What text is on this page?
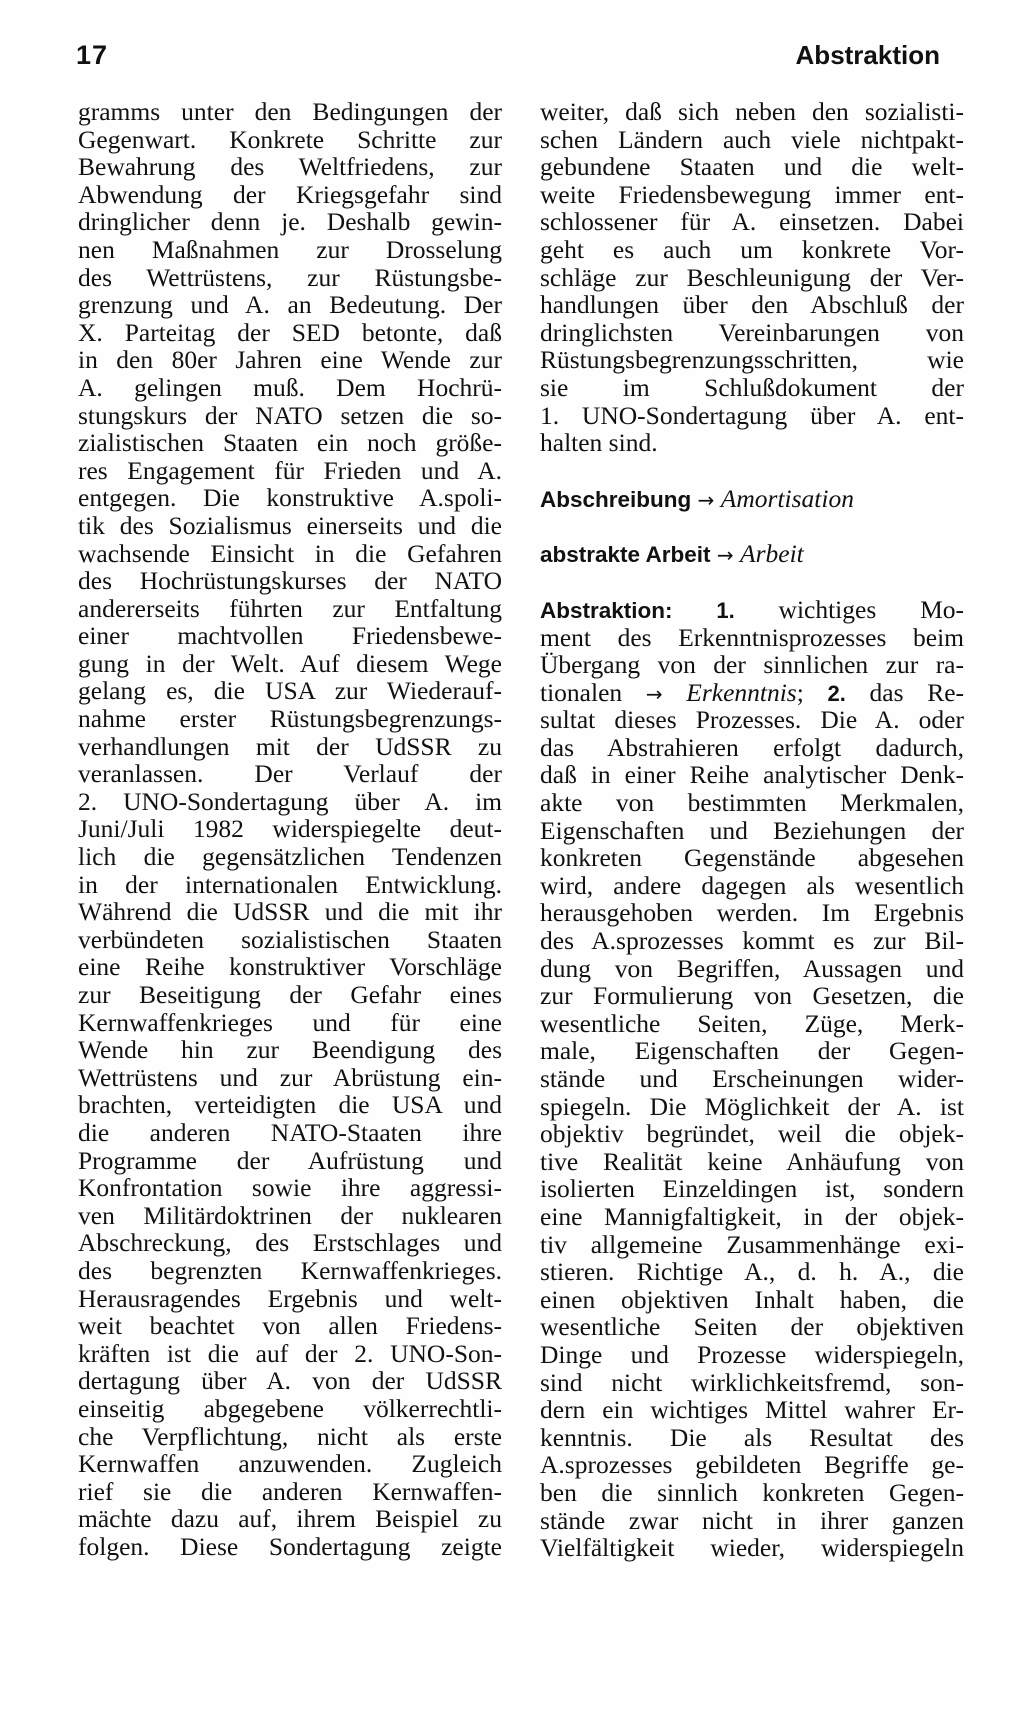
17	Abstraktion
gramms unter den Bedingungen der
Gegenwart. Konkrete Schritte zur
Bewahrung des Weltfriedens, zur
Abwendung der Kriegsgefahr sind
dringlicher denn je. Deshalb gewin-
nen Maßnahmen zur Drosselung
des Wettrüstens, zur Rüstungsbe-
grenzung und A. an Bedeutung. Der
X. Parteitag der SED betonte, daß
in den 80er Jahren eine Wende zur
A. gelingen muß. Dem Hochrü-
stungskurs der NATO setzen die so-
zialistischen Staaten ein noch größe-
res Engagement für Frieden und A.
entgegen. Die konstruktive A.spoli-
tik des Sozialismus einerseits und die
wachsende Einsicht in die Gefahren
des Hochrüstungskurses der NATO
andererseits führten zur Entfaltung
einer machtvollen Friedensbewe-
gung in der Welt. Auf diesem Wege
gelang es, die USA zur Wiederauf-
nahme erster Rüstungsbegrenzungs-
verhandlungen mit der UdSSR zu
veranlassen. Der Verlauf der
2. UNO-Sondertagung über A. im
Juni/Juli 1982 widerspiegelte deut-
lich die gegensätzlichen Tendenzen
in der internationalen Entwicklung.
Während die UdSSR und die mit ihr
verbündeten sozialistischen Staaten
eine Reihe konstruktiver Vorschläge
zur Beseitigung der Gefahr eines
Kernwaffenkrieges und für eine
Wende hin zur Beendigung des
Wettrüstens und zur Abrüstung ein-
brachten, verteidigten die USA und
die anderen NATO-Staaten ihre
Programme der Aufrüstung und
Konfrontation sowie ihre aggressi-
ven Militärdoktrinen der nuklearen
Abschreckung, des Erstschlages und
des begrenzten Kernwaffenkrieges.
Herausragendes Ergebnis und welt-
weit beachtet von allen Friedens-
kräften ist die auf der 2. UNO-Son-
dertagung über A. von der UdSSR
einseitig abgegebene völkerrechtli-
che Verpflichtung, nicht als erste
Kernwaffen anzuwenden. Zugleich
rief sie die anderen Kernwaffen-
mächte dazu auf, ihrem Beispiel zu
folgen. Diese Sondertagung zeigte
weiter, daß sich neben den sozialisti-
schen Ländern auch viele nichtpakt-
gebundene Staaten und die welt-
weite Friedensbewegung immer ent-
schlossener für A. einsetzen. Dabei
geht es auch um konkrete Vor-
schläge zur Beschleunigung der Ver-
handlungen über den Abschluß der
dringlichsten Vereinbarungen von
Rüstungsbegrenzungsschritten, wie
sie im Schlußdokument der
1. UNO-Sondertagung über A. ent-
halten sind.
Abschreibung → Amortisation
abstrakte Arbeit → Arbeit
Abstraktion: 1. wichtiges Mo-
ment des Erkenntnisprozesses beim
Übergang von der sinnlichen zur ra-
tionalen → Erkenntnis; 2. das Re-
sultat dieses Prozesses. Die A. oder
das Abstrahieren erfolgt dadurch,
daß in einer Reihe analytischer Denk-
akte von bestimmten Merkmalen,
Eigenschaften und Beziehungen der
konkreten Gegenstände abgesehen
wird, andere dagegen als wesentlich
herausgehoben werden. Im Ergebnis
des A.sprozesses kommt es zur Bil-
dung von Begriffen, Aussagen und
zur Formulierung von Gesetzen, die
wesentliche Seiten, Züge, Merk-
male, Eigenschaften der Gegen-
stände und Erscheinungen wider-
spiegeln. Die Möglichkeit der A. ist
objektiv begründet, weil die objek-
tive Realität keine Anhäufung von
isolierten Einzeldingen ist, sondern
eine Mannigfaltigkeit, in der objek-
tiv allgemeine Zusammenhänge exi-
stieren. Richtige A., d. h. A., die
einen objektiven Inhalt haben, die
wesentliche Seiten der objektiven
Dinge und Prozesse widerspiegeln,
sind nicht wirklichkeitsfremd, son-
dern ein wichtiges Mittel wahrer Er-
kenntnis. Die als Resultat des
A.sprozesses gebildeten Begriffe ge-
ben die sinnlich konkreten Gegen-
stände zwar nicht in ihrer ganzen
Vielfältigkeit wieder, widerspiegeln
